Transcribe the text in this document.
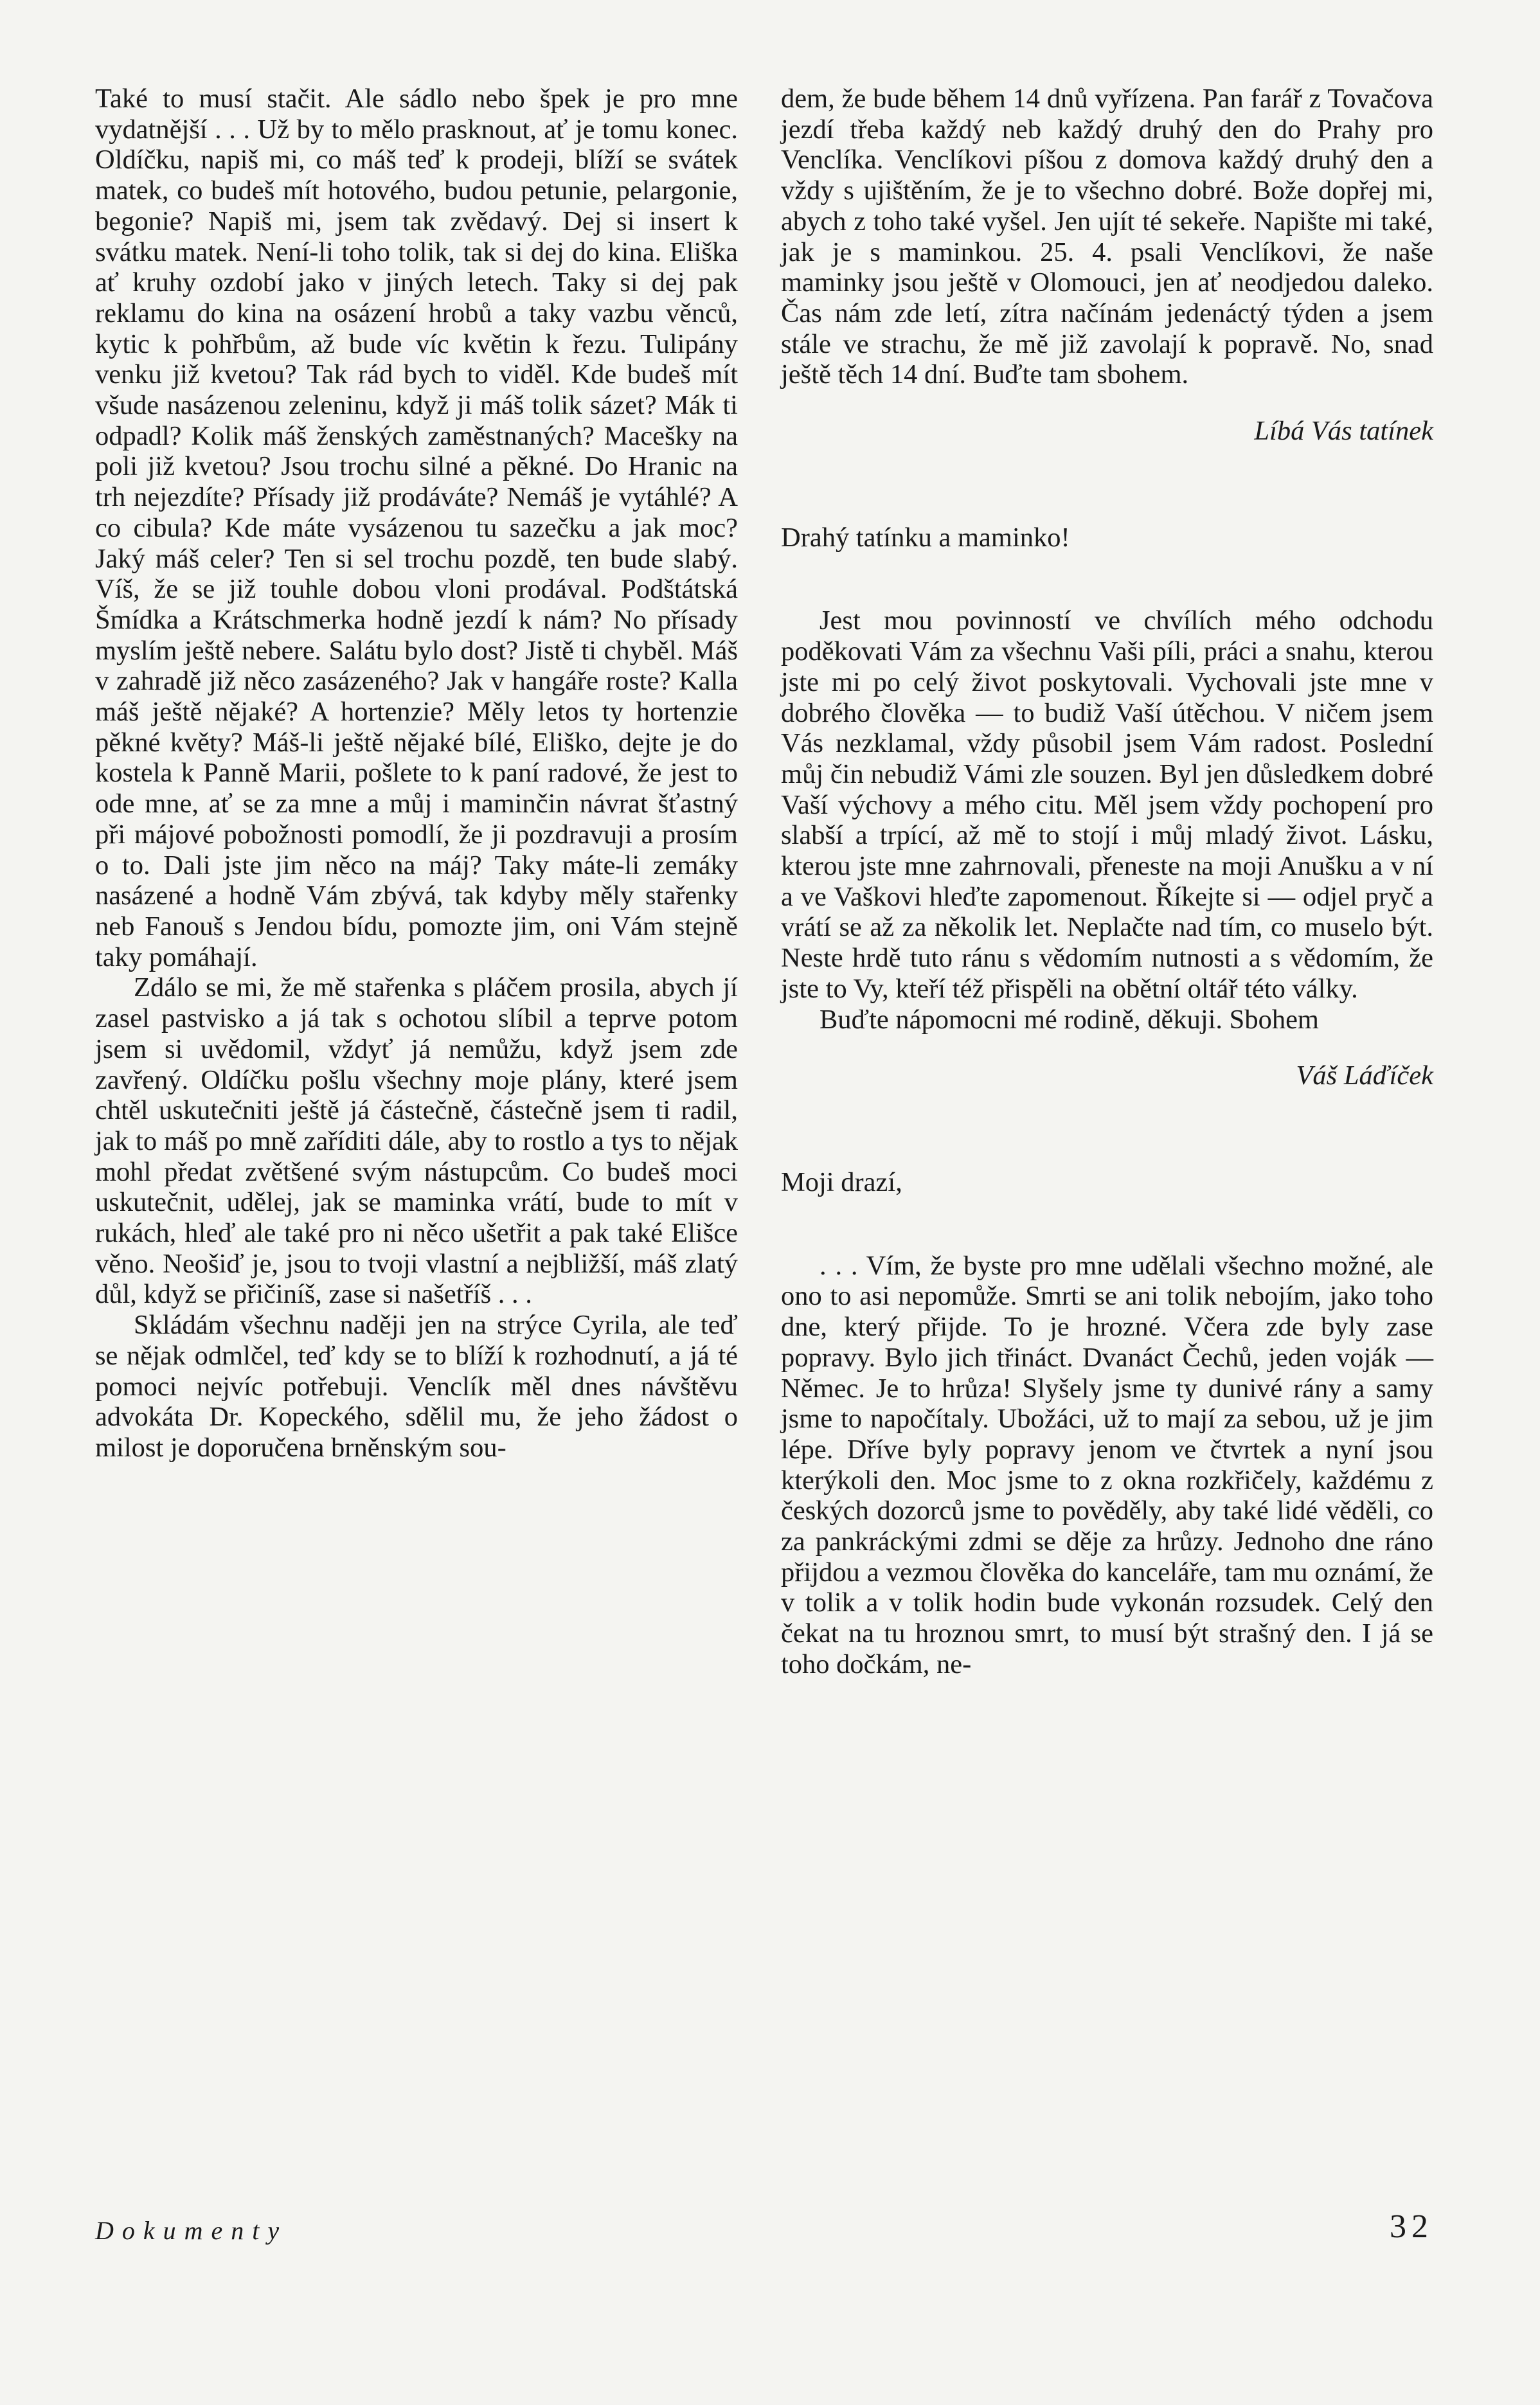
Také to musí stačit. Ale sádlo nebo špek je pro mne vydatnější . . . Už by to mělo prasknout, ať je tomu konec. Oldíčku, napiš mi, co máš teď k prodeji, blíží se svátek matek, co budeš mít hotového, budou petunie, pelargonie, begonie? Napiš mi, jsem tak zvědavý. Dej si insert k svátku matek. Není-li toho tolik, tak si dej do kina. Eliška ať kruhy ozdobí jako v jiných letech. Taky si dej pak reklamu do kina na osázení hrobů a taky vazbu věnců, kytic k pohřbům, až bude víc květin k řezu. Tulipány venku již kvetou? Tak rád bych to viděl. Kde budeš mít všude nasázenou zeleninu, když ji máš tolik sázet? Mák ti odpadl? Kolik máš ženských zaměstnaných? Macešky na poli již kvetou? Jsou trochu silné a pěkné. Do Hranic na trh nejezdíte? Přísady již prodáváte? Nemáš je vytáhlé? A co cibula? Kde máte vysázenou tu sazečku a jak moc? Jaký máš celer? Ten si sel trochu pozdě, ten bude slabý. Víš, že se již touhle dobou vloni prodával. Podštátská Šmídka a Krátschmerka hodně jezdí k nám? No přísady myslím ještě nebere. Salátu bylo dost? Jistě ti chyběl. Máš v zahradě již něco zasázeného? Jak v hangáře roste? Kalla máš ještě nějaké? A hortenzie? Měly letos ty hortenzie pěkné květy? Máš-li ještě nějaké bílé, Eliško, dejte je do kostela k Panně Marii, pošlete to k paní radové, že jest to ode mne, ať se za mne a můj i maminčin návrat šťastný při májové pobožnosti pomodlí, že ji pozdravuji a prosím o to. Dali jste jim něco na máj? Taky máte-li zemáky nasázené a hodně Vám zbývá, tak kdyby měly stařenky neb Fanouš s Jendou bídu, pomozte jim, oni Vám stejně taky pomáhají.

Zdálo se mi, že mě stařenka s pláčem prosila, abych jí zasel pastvisko a já tak s ochotou slíbil a teprve potom jsem si uvědomil, vždyť já nemůžu, když jsem zde zavřený. Oldíčku pošlu všechny moje plány, které jsem chtěl uskutečniti ještě já částečně, částečně jsem ti radil, jak to máš po mně zaříditi dále, aby to rostlo a tys to nějak mohl předat zvětšené svým nástupcům. Co budeš moci uskutečnit, udělej, jak se maminka vrátí, bude to mít v rukách, hleď ale také pro ni něco ušetřit a pak také Elišce věno. Neošiď je, jsou to tvoji vlastní a nejbližší, máš zlatý důl, když se přičiníš, zase si našetříš . . .

Skládám všechnu naději jen na strýce Cyrila, ale teď se nějak odmlčel, teď kdy se to blíží k rozhodnutí, a já té pomoci nejvíc potřebuji. Venclík měl dnes návštěvu advokáta Dr. Kopeckého, sdělil mu, že jeho žádost o milost je doporučena brněnským sou-

dem, že bude během 14 dnů vyřízena. Pan farář z Tovačova jezdí třeba každý neb každý druhý den do Prahy pro Venclíka. Venclíkovi píšou z domova každý druhý den a vždy s ujištěním, že je to všechno dobré. Bože dopřej mi, abych z toho také vyšel. Jen ujít té sekeře. Napište mi také, jak je s maminkou. 25. 4. psali Venclíkovi, že naše maminky jsou ještě v Olomouci, jen ať neodjedou daleko. Čas nám zde letí, zítra načínám jedenáctý týden a jsem stále ve strachu, že mě již zavolají k popravě. No, snad ještě těch 14 dní. Buďte tam sbohem.

Líbá Vás tatínek

Drahý tatínku a maminko!

Jest mou povinností ve chvílích mého odchodu poděkovati Vám za všechnu Vaši píli, práci a snahu, kterou jste mi po celý život poskytovali. Vychovali jste mne v dobrého člověka — to budiž Vaší útěchou. V ničem jsem Vás nezklamal, vždy působil jsem Vám radost. Poslední můj čin nebudiž Vámi zle souzen. Byl jen důsledkem dobré Vaší výchovy a mého citu. Měl jsem vždy pochopení pro slabší a trpící, až mě to stojí i můj mladý život. Lásku, kterou jste mne zahrnovali, přeneste na moji Anušku a v ní a ve Vaškovi hleďte zapomenout. Říkejte si — odjel pryč a vrátí se až za několik let. Neplačte nad tím, co muselo být. Neste hrdě tuto ránu s vědomím nutnosti a s vědomím, že jste to Vy, kteří též přispěli na obětní oltář této války.

Buďte nápomocni mé rodině, děkuji. Sbohem

Váš Láďíček

Moji drazí,

. . . Vím, že byste pro mne udělali všechno možné, ale ono to asi nepomůže. Smrti se ani tolik nebojím, jako toho dne, který přijde. To je hrozné. Včera zde byly zase popravy. Bylo jich třináct. Dvanáct Čechů, jeden voják — Němec. Je to hrůza! Slyšely jsme ty dunivé rány a samy jsme to napočítaly. Ubožáci, už to mají za sebou, už je jim lépe. Dříve byly popravy jenom ve čtvrtek a nyní jsou kterýkoli den. Moc jsme to z okna rozkřičely, každému z českých dozorců jsme to pověděly, aby také lidé věděli, co za pankráckými zdmi se děje za hrůzy. Jednoho dne ráno přijdou a vezmou člověka do kanceláře, tam mu oznámí, že v tolik a v tolik hodin bude vykonán rozsudek. Celý den čekat na tu hroznou smrt, to musí být strašný den. I já se toho dočkám, ne-

Dokumenty	32
